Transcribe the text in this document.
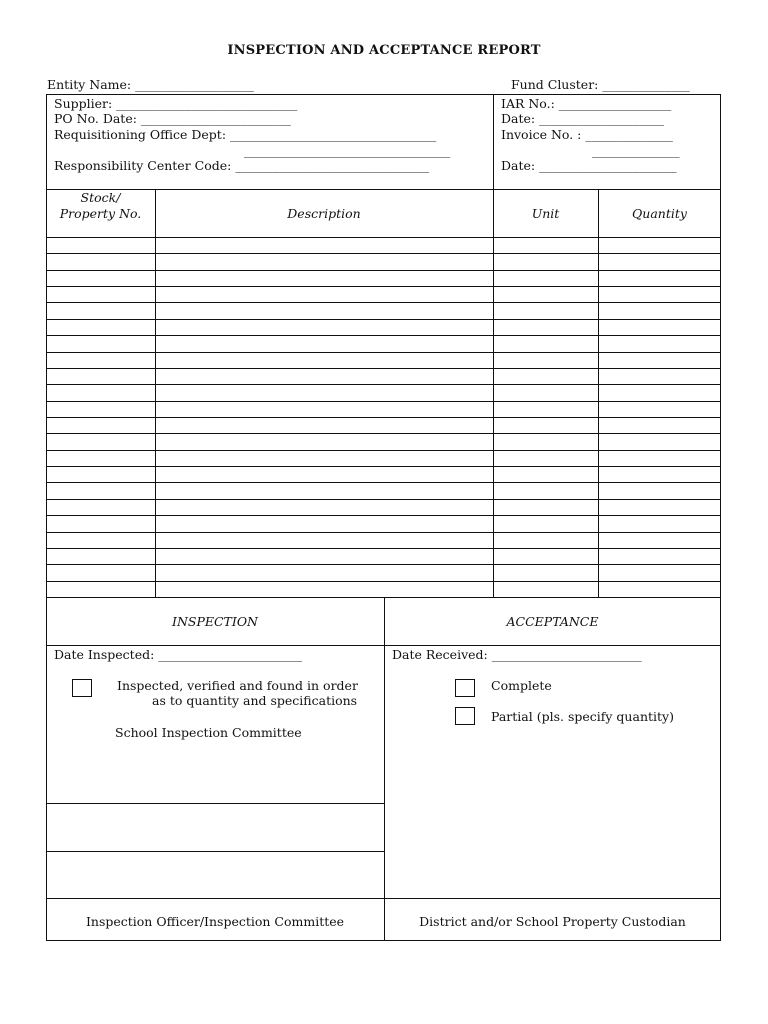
INSPECTION AND ACCEPTANCE REPORT
Entity Name: ___________________	Fund Cluster: ______________
Supplier: _____________________________
PO No. Date: ________________________
Requisitioning Office Dept: _________________________________
_________________________________
Responsibility Center Code: _______________________________
IAR No.: __________________
Date: ____________________
Invoice No. : ______________
______________
Date: ______________________
Stock/
Property No.	Description	Unit	Quantity
INSPECTION	ACCEPTANCE
Date Inspected: _______________________	Date Received: ________________________
Inspected, verified and found in order
as to quantity and specifications
School Inspection Committee
Complete
Partial (pls. specify quantity)
Inspection Officer/Inspection Committee	District and/or School Property Custodian
